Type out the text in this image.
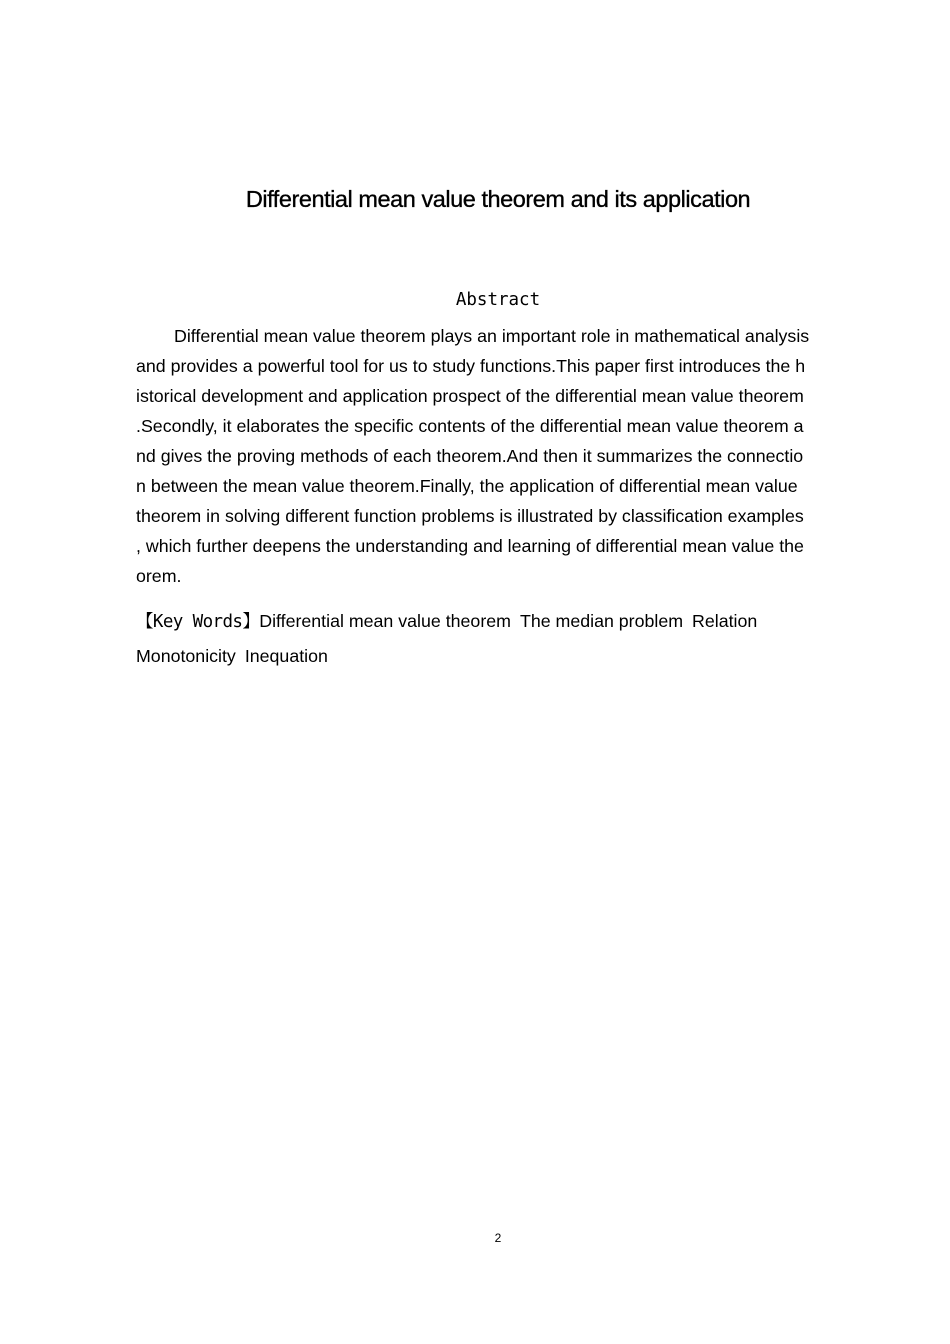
Differential mean value theorem and its application
Abstract
Differential mean value theorem plays an important role in mathematical analysis
and provides a powerful tool for us to study functions.This paper first introduces the h
istorical development and application prospect of the differential mean value theorem
.Secondly, it elaborates the specific contents of the differential mean value theorem a
nd gives the proving methods of each theorem.And then it summarizes the connectio
n between the mean value theorem.Finally, the application of differential mean value
theorem in solving different function problems is illustrated by classification examples
, which further deepens the understanding and learning of differential mean value the
orem.
【Key Words】Differential mean value theorem The median problem Relation
Monotonicity Inequation
2
